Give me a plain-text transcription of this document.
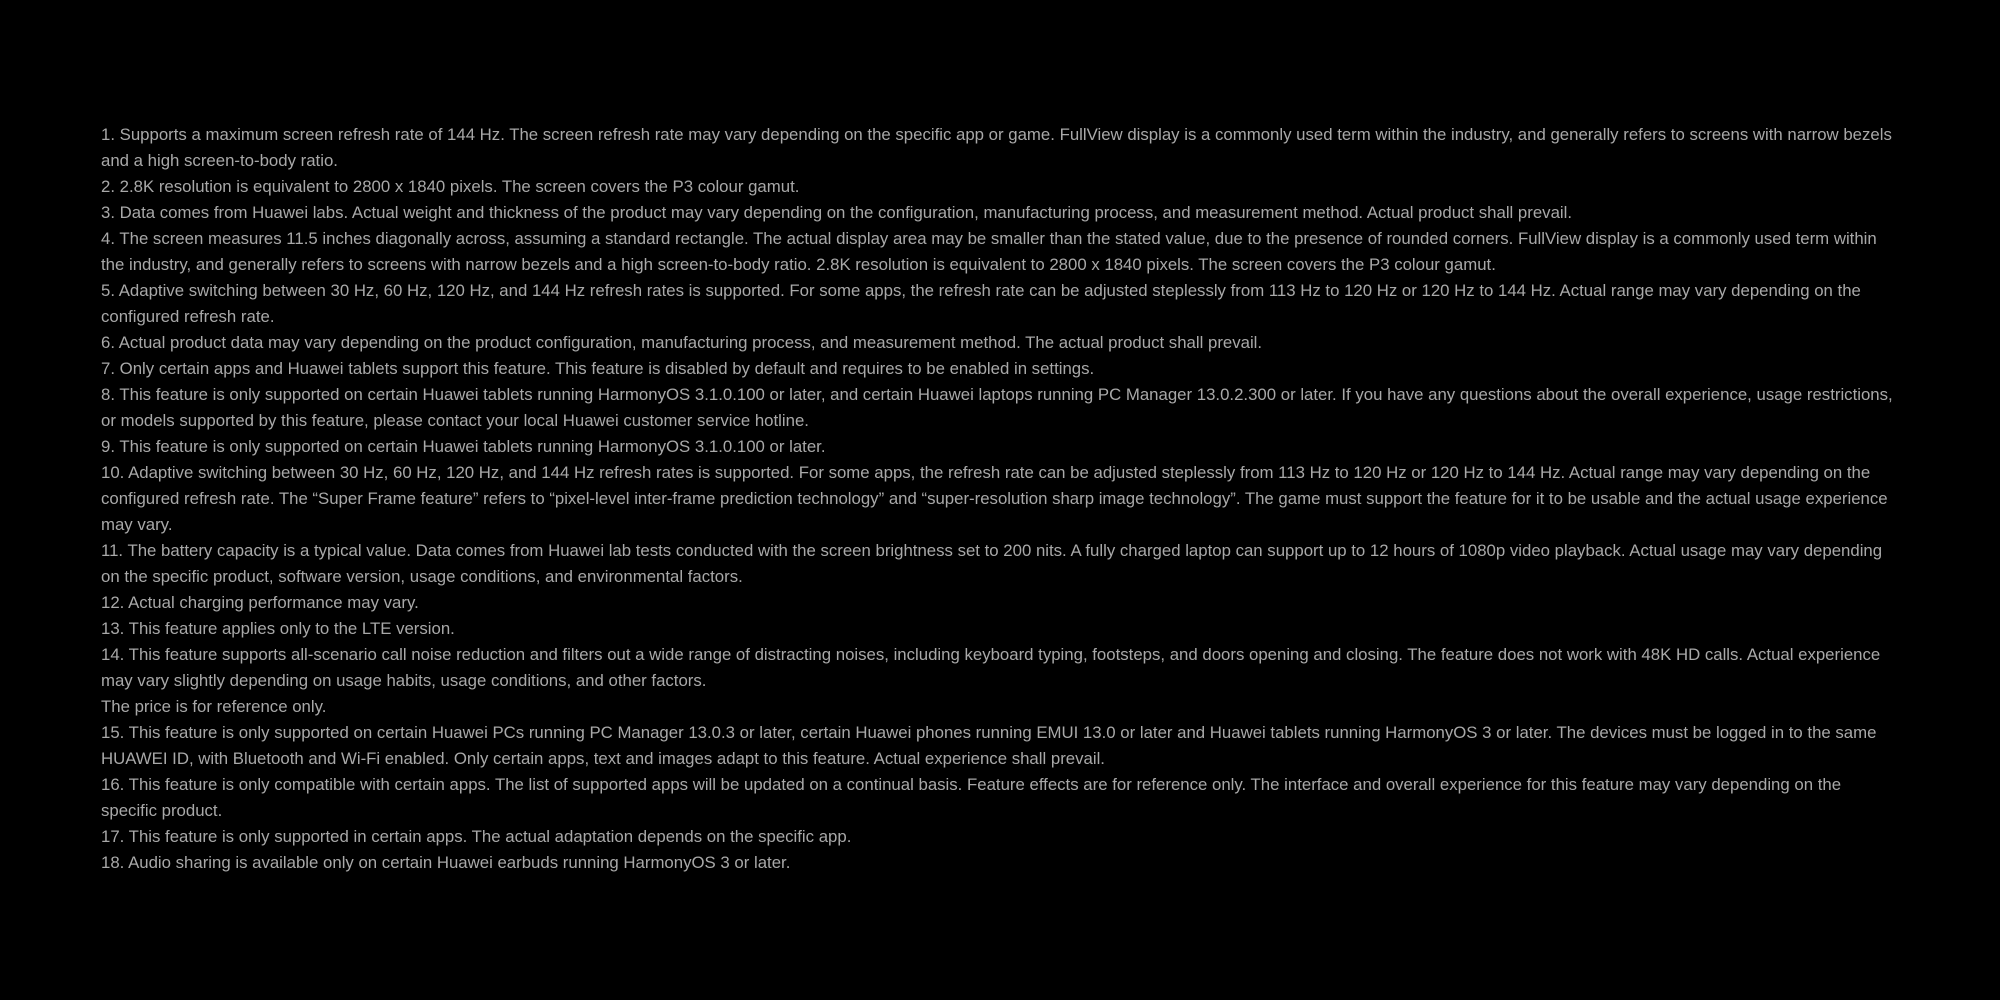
1. Supports a maximum screen refresh rate of 144 Hz. The screen refresh rate may vary depending on the specific app or game. FullView display is a commonly used term within the industry, and generally refers to screens with narrow bezels and a high screen-to-body ratio.

2. 2.8K resolution is equivalent to 2800 x 1840 pixels. The screen covers the P3 colour gamut.

3. Data comes from Huawei labs. Actual weight and thickness of the product may vary depending on the configuration, manufacturing process, and measurement method. Actual product shall prevail.

4. The screen measures 11.5 inches diagonally across, assuming a standard rectangle. The actual display area may be smaller than the stated value, due to the presence of rounded corners. FullView display is a commonly used term within the industry, and generally refers to screens with narrow bezels and a high screen-to-body ratio. 2.8K resolution is equivalent to 2800 x 1840 pixels. The screen covers the P3 colour gamut.

5. Adaptive switching between 30 Hz, 60 Hz, 120 Hz, and 144 Hz refresh rates is supported. For some apps, the refresh rate can be adjusted steplessly from 113 Hz to 120 Hz or 120 Hz to 144 Hz. Actual range may vary depending on the configured refresh rate.

6. Actual product data may vary depending on the product configuration, manufacturing process, and measurement method. The actual product shall prevail.

7. Only certain apps and Huawei tablets support this feature. This feature is disabled by default and requires to be enabled in settings.

8. This feature is only supported on certain Huawei tablets running HarmonyOS 3.1.0.100 or later, and certain Huawei laptops running PC Manager 13.0.2.300 or later. If you have any questions about the overall experience, usage restrictions, or models supported by this feature, please contact your local Huawei customer service hotline.

9. This feature is only supported on certain Huawei tablets running HarmonyOS 3.1.0.100 or later.

10. Adaptive switching between 30 Hz, 60 Hz, 120 Hz, and 144 Hz refresh rates is supported. For some apps, the refresh rate can be adjusted steplessly from 113 Hz to 120 Hz or 120 Hz to 144 Hz. Actual range may vary depending on the configured refresh rate. The “Super Frame feature” refers to “pixel-level inter-frame prediction technology” and “super-resolution sharp image technology”. The game must support the feature for it to be usable and the actual usage experience may vary.

11. The battery capacity is a typical value. Data comes from Huawei lab tests conducted with the screen brightness set to 200 nits. A fully charged laptop can support up to 12 hours of 1080p video playback. Actual usage may vary depending on the specific product, software version, usage conditions, and environmental factors.

12. Actual charging performance may vary.

13. This feature applies only to the LTE version.

14. This feature supports all-scenario call noise reduction and filters out a wide range of distracting noises, including keyboard typing, footsteps, and doors opening and closing. The feature does not work with 48K HD calls. Actual experience may vary slightly depending on usage habits, usage conditions, and other factors.

The price is for reference only.

15. This feature is only supported on certain Huawei PCs running PC Manager 13.0.3 or later, certain Huawei phones running EMUI 13.0 or later and Huawei tablets running HarmonyOS 3 or later. The devices must be logged in to the same HUAWEI ID, with Bluetooth and Wi-Fi enabled. Only certain apps, text and images adapt to this feature. Actual experience shall prevail.

16. This feature is only compatible with certain apps. The list of supported apps will be updated on a continual basis. Feature effects are for reference only. The interface and overall experience for this feature may vary depending on the specific product.

17. This feature is only supported in certain apps. The actual adaptation depends on the specific app.

18. Audio sharing is available only on certain Huawei earbuds running HarmonyOS 3 or later.
